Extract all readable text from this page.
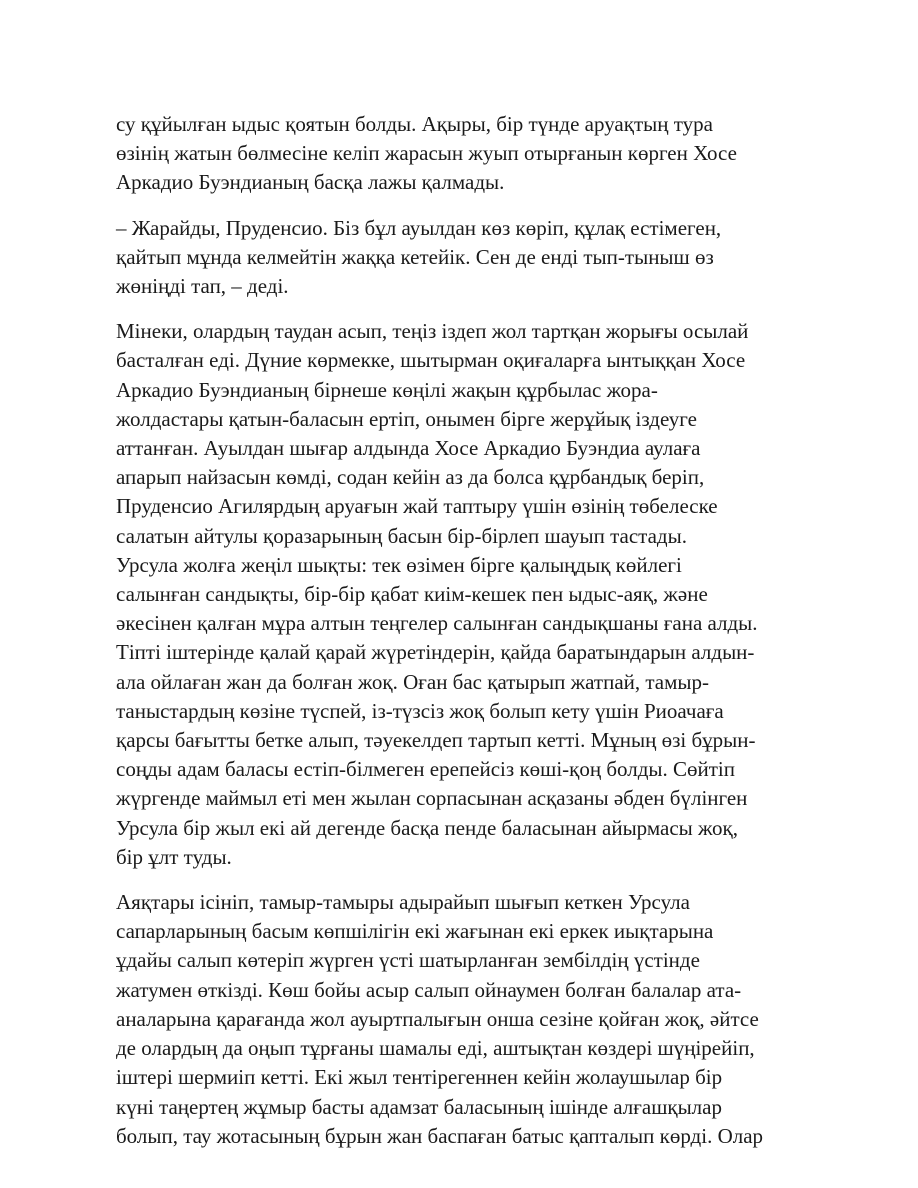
су құйылған ыдыс қоятын болды. Ақыры, бір түнде аруақтың тура
өзінің жатын бөлмесіне келіп жарасын жуып отырғанын көрген Хосе
Аркадио Буэндианың басқа лажы қалмады.

– Жарайды, Пруденсио. Біз бұл ауылдан көз көріп, құлақ естімеген,
қайтып мұнда келмейтін жаққа кетейік. Сен де енді тып-тыныш өз
жөніңді тап, – деді.

Мінеки, олардың таудан асып, теңіз іздеп жол тартқан жорығы осылай
басталған еді. Дүние көрмекке, шытырман оқиғаларға ынтыққан Хосе
Аркадио Буэндианың бірнеше көңілі жақын құрбылас жора-
жолдастары қатын-баласын ертіп, онымен бірге жерұйық іздеуге
аттанған. Ауылдан шығар алдында Хосе Аркадио Буэндиа аулаға
апарып найзасын көмді, содан кейін аз да болса құрбандық беріп,
Пруденсио Агилярдың аруағын жай таптыру үшін өзінің төбелеске
салатын айтулы қоразарының басын бір-бірлеп шауып тастады.
Урсула жолға жеңіл шықты: тек өзімен бірге қалыңдық көйлегі
салынған сандықты, бір-бір қабат киім-кешек пен ыдыс-аяқ, және
әкесінен қалған мұра алтын теңгелер салынған сандықшаны ғана алды.
Тіпті іштерінде қалай қарай жүретіндерін, қайда баратындарын алдын-
ала ойлаған жан да болған жоқ. Оған бас қатырып жатпай, тамыр-
таныстардың көзіне түспей, із-түзсіз жоқ болып кету үшін Риоачаға
қарсы бағытты бетке алып, тәуекелдеп тартып кетті. Мұның өзі бұрын-
соңды адам баласы естіп-білмеген ерепейсіз көші-қоң болды. Сөйтіп
жүргенде маймыл еті мен жылан сорпасынан асқазаны әбден бүлінген
Урсула бір жыл екі ай дегенде басқа пенде баласынан айырмасы жоқ,
бір ұлт туды.

Аяқтары ісініп, тамыр-тамыры адырайып шығып кеткен Урсула
сапарларының басым көпшілігін екі жағынан екі еркек иықтарына
ұдайы салып көтеріп жүрген үсті шатырланған зембілдің үстінде
жатумен өткізді. Көш бойы асыр салып ойнаумен болған балалар ата-
аналарына қарағанда жол ауыртпалығын онша сезіне қойған жоқ, әйтсе
де олардың да оңып тұрғаны шамалы еді, аштықтан көздері шүңірейіп,
іштері шермиіп кетті. Екі жыл тентірегеннен кейін жолаушылар бір
күні таңертең жұмыр басты адамзат баласының ішінде алғашқылар
болып, тау жотасының бұрын жан баспаған батыс қапталып көрді. Олар
